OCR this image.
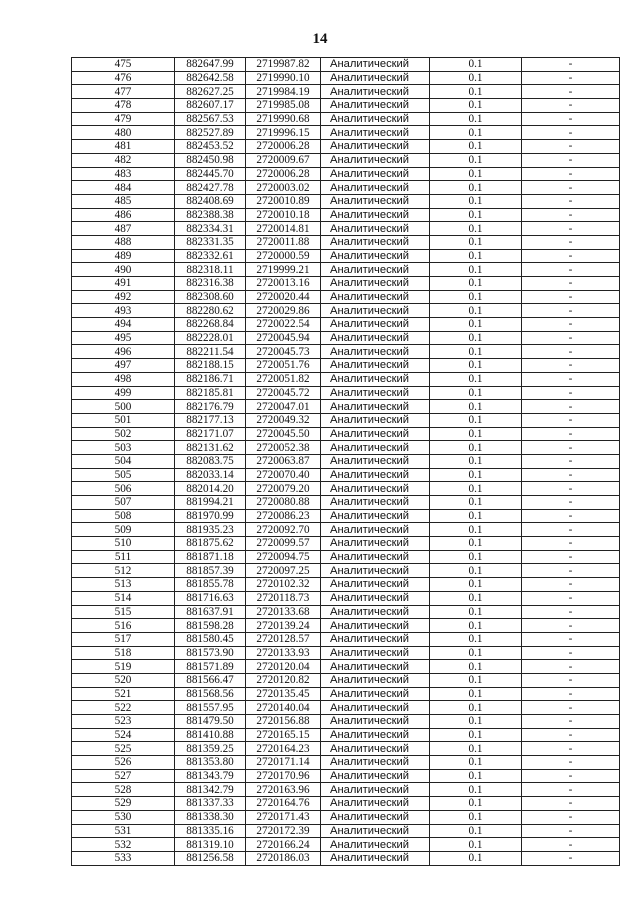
14
475	882647.99	2719987.82	Аналитический	0.1	-
476	882642.58	2719990.10	Аналитический	0.1	-
477	882627.25	2719984.19	Аналитический	0.1	-
478	882607.17	2719985.08	Аналитический	0.1	-
479	882567.53	2719990.68	Аналитический	0.1	-
480	882527.89	2719996.15	Аналитический	0.1	-
481	882453.52	2720006.28	Аналитический	0.1	-
482	882450.98	2720009.67	Аналитический	0.1	-
483	882445.70	2720006.28	Аналитический	0.1	-
484	882427.78	2720003.02	Аналитический	0.1	-
485	882408.69	2720010.89	Аналитический	0.1	-
486	882388.38	2720010.18	Аналитический	0.1	-
487	882334.31	2720014.81	Аналитический	0.1	-
488	882331.35	2720011.88	Аналитический	0.1	-
489	882332.61	2720000.59	Аналитический	0.1	-
490	882318.11	2719999.21	Аналитический	0.1	-
491	882316.38	2720013.16	Аналитический	0.1	-
492	882308.60	2720020.44	Аналитический	0.1	-
493	882280.62	2720029.86	Аналитический	0.1	-
494	882268.84	2720022.54	Аналитический	0.1	-
495	882228.01	2720045.94	Аналитический	0.1	-
496	882211.54	2720045.73	Аналитический	0.1	-
497	882188.15	2720051.76	Аналитический	0.1	-
498	882186.71	2720051.82	Аналитический	0.1	-
499	882185.81	2720045.72	Аналитический	0.1	-
500	882176.79	2720047.01	Аналитический	0.1	-
501	882177.13	2720049.32	Аналитический	0.1	-
502	882171.07	2720045.50	Аналитический	0.1	-
503	882131.62	2720052.38	Аналитический	0.1	-
504	882083.75	2720063.87	Аналитический	0.1	-
505	882033.14	2720070.40	Аналитический	0.1	-
506	882014.20	2720079.20	Аналитический	0.1	-
507	881994.21	2720080.88	Аналитический	0.1	-
508	881970.99	2720086.23	Аналитический	0.1	-
509	881935.23	2720092.70	Аналитический	0.1	-
510	881875.62	2720099.57	Аналитический	0.1	-
511	881871.18	2720094.75	Аналитический	0.1	-
512	881857.39	2720097.25	Аналитический	0.1	-
513	881855.78	2720102.32	Аналитический	0.1	-
514	881716.63	2720118.73	Аналитический	0.1	-
515	881637.91	2720133.68	Аналитический	0.1	-
516	881598.28	2720139.24	Аналитический	0.1	-
517	881580.45	2720128.57	Аналитический	0.1	-
518	881573.90	2720133.93	Аналитический	0.1	-
519	881571.89	2720120.04	Аналитический	0.1	-
520	881566.47	2720120.82	Аналитический	0.1	-
521	881568.56	2720135.45	Аналитический	0.1	-
522	881557.95	2720140.04	Аналитический	0.1	-
523	881479.50	2720156.88	Аналитический	0.1	-
524	881410.88	2720165.15	Аналитический	0.1	-
525	881359.25	2720164.23	Аналитический	0.1	-
526	881353.80	2720171.14	Аналитический	0.1	-
527	881343.79	2720170.96	Аналитический	0.1	-
528	881342.79	2720163.96	Аналитический	0.1	-
529	881337.33	2720164.76	Аналитический	0.1	-
530	881338.30	2720171.43	Аналитический	0.1	-
531	881335.16	2720172.39	Аналитический	0.1	-
532	881319.10	2720166.24	Аналитический	0.1	-
533	881256.58	2720186.03	Аналитический	0.1	-
